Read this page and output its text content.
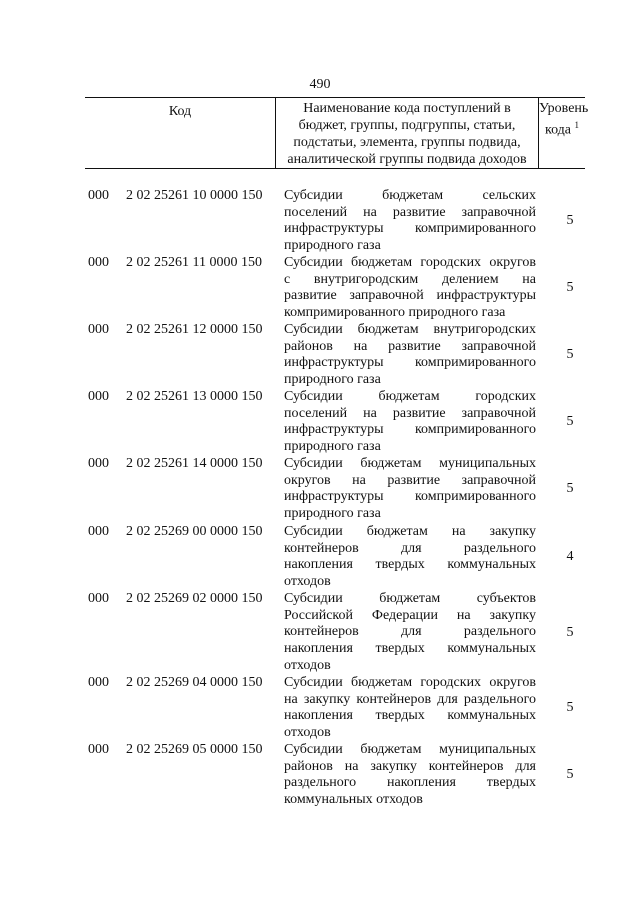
490
Код	Наименование кода поступлений в
бюджет, группы, подгруппы, статьи,
подстатьи, элемента, группы подвида,
аналитической группы подвида доходов
Уровень
кода $^1$
000 2 02 25261 10 0000 150 Субсидии бюджетам сельских
поселений на развитие заправочной
инфраструктуры компримированного
природного газа
5
000 2 02 25261 11 0000 150 Субсидии бюджетам городских округов
с внутригородским делением на
развитие заправочной инфраструктуры
компримированного природного газа
5
000 2 02 25261 12 0000 150 Субсидии бюджетам внутригородских
районов на развитие заправочной
инфраструктуры компримированного
природного газа
5
000 2 02 25261 13 0000 150 Субсидии бюджетам городских
поселений на развитие заправочной
инфраструктуры компримированного
природного газа
5
000 2 02 25261 14 0000 150 Субсидии бюджетам муниципальных
округов на развитие заправочной
инфраструктуры компримированного
природного газа
5
000 2 02 25269 00 0000 150 Субсидии бюджетам на закупку
контейнеров для раздельного
накопления твердых коммунальных
отходов
4
000 2 02 25269 02 0000 150 Субсидии бюджетам субъектов
Российской Федерации на закупку
контейнеров для раздельного
накопления твердых коммунальных
отходов
5
000 2 02 25269 04 0000 150 Субсидии бюджетам городских округов
на закупку контейнеров для раздельного
накопления твердых коммунальных
отходов
5
000 2 02 25269 05 0000 150 Субсидии бюджетам муниципальных
районов на закупку контейнеров для
раздельного накопления твердых
коммунальных отходов
5
